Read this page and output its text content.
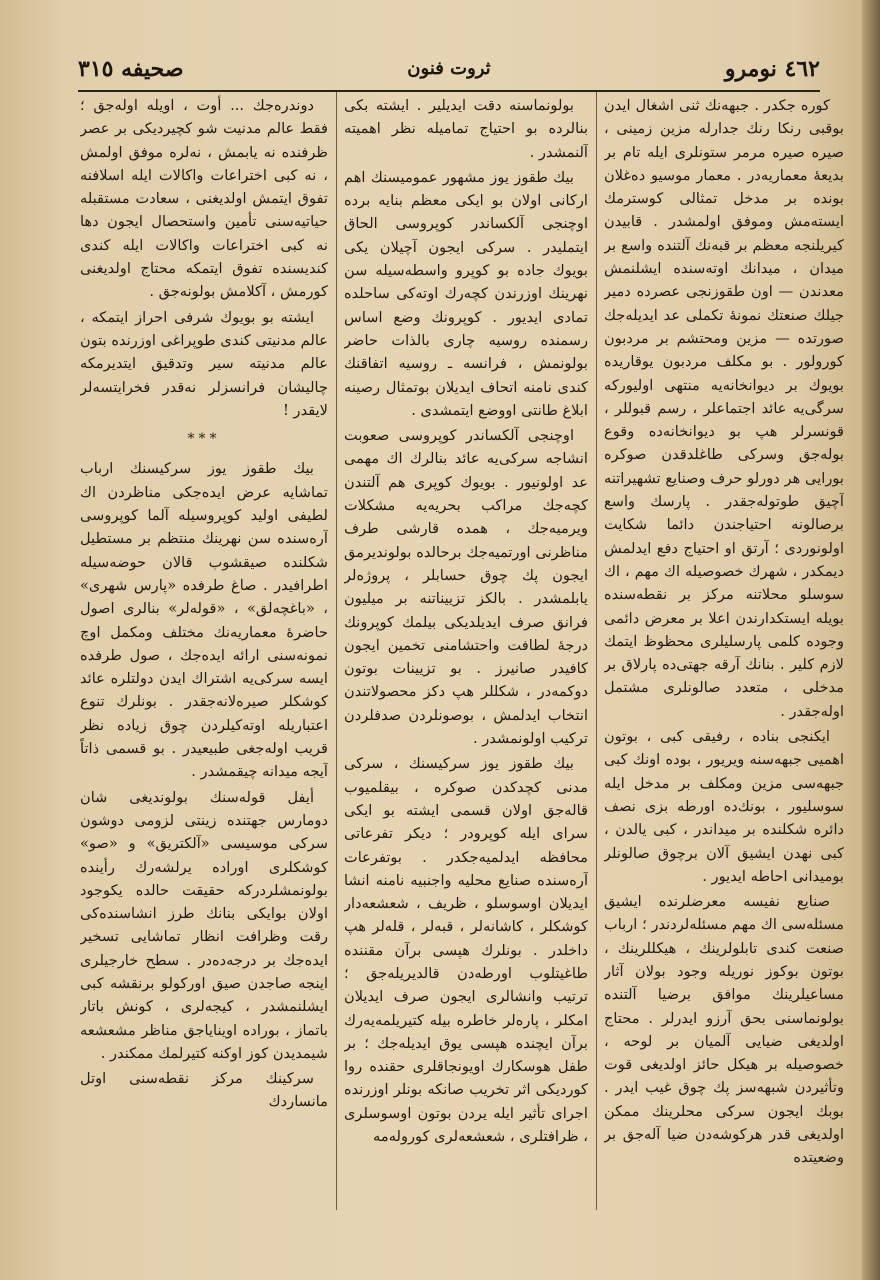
٤٦٢ نومرو
ثروت فنون
صحيفه ٣١٥

كوره جكدر . جبهه‌نك ثنى اشغال ايدن بوقبى رنكا رنك جدارله مزين زمينى ، صيره صيره مرمر ستونلرى ايله تام بر بديعهٔ معماريه‌در . معمار موسيو دەغلان بونده بر مدخل تمثالى كوسترمك ايسته‌مش وموفق اولمشدر . قابيدن كيريلنجه معظم بر قبه‌نك آلتنده واسع بر ميدان ، ميدانك اوته‌سنده ايشلنمش معدندن — اون طقوزنجى عصرده دمير جيلك صنعتك نمونهٔ تكملى عد ايديله‌جك صورتده — مزين ومحتشم بر مردبون كورولور . بو مكلف مردبون يوقاريده بويوك بر ديوانخانه‌يه منتهى اوليوركه سرگى‌يه عائد اجتماعلر ، رسم قبوللر ، قونسرلر هپ بو ديوانخانه‌ده وقوع بوله‌جق وسركى طاغلدقدن صوكره بورايى هر دورلو حرف وصنايع تشهيراتنه آچيق طوتوله‌جقدر . پارسك واسع برصالونه احتياجندن دائما شكايت اولونوردى ؛ آرتق او احتياج دفع ايدلمش ديمكدر ، شهرك خصوصيله اك مهم ، اك سوسلو محلاتنه مركز بر نقطه‌سنده بويله ايستكدارندن اعلا بر معرض دائمى وجوده كلمى پارسليلرى محظوظ ايتمك لازم كلير . بنانك آرقه جهتى‌ده پارلاق بر مدخلى ، متعدد صالونلرى مشتمل اوله‌جقدر .

ايكنجى بناده ، رفيقى كبى ، بوتون اهميى جبهه‌سنه ويريور ، بوده اونك كبى جبهه‌سى مزين ومكلف بر مدخل ايله سوسليور ، بونك‌ده اورطه بزى نصف دائره شكلنده بر ميداندر ، كبى يالدن ، كبى نهدن ايشيق آلان برچوق صالونلر بوميدانى احاطه ايديور .

صنايع نفيسه معرضلرنده ايشيق مسئله‌سى اك مهم مسئله‌لردندر ؛ ارباب صنعت كندى تابلولرينك ، هيكللرينك ، بوتون بوكوز نوريله وجود بولان آثار مساعيلرينك موافق برضيا آلتنده بولونماسنى بحق آرزو ايدرلر . محتاج اولديغى ضيايى آلميان بر لوحه ، خصوصيله بر هيكل حائز اولديغى قوت وتأثيردن شبهه‌سز پك چوق غيب ايدر . بوبك ايجون سركى محلرينك ممكن اولديغى قدر هركوشه‌دن ضيا آله‌جق بر وضعيتده

بولونماسنه دقت ايديلير . ايشته بكى بنالرده بو احتياج تماميله نظر اهميته آلنمشدر .

بيك طقوز يوز مشهور عموميسنك اهم اركانى اولان بو ايكى معظم بنايه برده اوچنجى آلكساندر كوپروسى الحاق ايتمليدر . سركى ايجون آچيلان يكى بويوك جاده بو كوپرو واسطه‌سيله سن نهرينك اوزرندن كچه‌رك اوته‌كى ساحلده تمادى ايديور . كوپرونك وضع اساس رسمنده روسيه چارى بالذات حاضر بولونمش ، فرانسه ـ روسيه اتفاقنك كندى نامنه اتحاف ايديلان بوتمثال رصينه ابلاغ طانتى اووضع ايتمشدى .

اوچنجى آلكساندر كوپروسى صعوبت انشاجه سركى‌يه عائد بنالرك اك مهمى عد اولونيور . بويوك كوپرى هم آلتندن كچه‌جك مراكب بحريه‌يه مشكلات ويرميه‌جك ، همده قارشى طرف مناظرنى اورتميه‌جك برحالده بولونديرمق ايجون پك چوق حسابلر ، پروژه‌لر يابلمشدر . بالكز تزييناتنه بر ميليون فرانق صرف ايديلديكى بيلمك كوپرونك درجهٔ لطافت واحتشامنى تخمين ايجون كافيدر صانيرز . بو تزيينات بوتون دوكمه‌در ، شكللر هپ دكز محصولاتندن انتخاب ايدلمش ، بوصونلردن صدفلردن تركيب اولونمشدر .

بيك طقوز يوز سركيسنك ، سركى مدنى كچدكدن صوكره ، بيقلميوب قاله‌جق اولان قسمى ايشته بو ايكى سراى ايله كوپرودر ؛ ديكر تفرعاتى محافظه ايدلميه‌جكدر . بوتفرعات آره‌سنده صنايع محليه واجنبيه نامنه انشا ايديلان اوسوسلو ، ظريف ، شعشعه‌دار كوشكلر ، كاشانه‌لر ، قبه‌لر ، قله‌لر هپ داخلدر . بونلرك هپسى برآن مقننده طاغيتلوب اورطه‌دن قالديريله‌جق ؛ ترتيب وانشالرى ايجون صرف ايديلان امكلر ، پاره‌لر خاطره بيله كتيريلمه‌يه‌رك برآن ايچنده هپسى يوق ايديله‌جك ؛ بر طفل هوسكارك اويونجاقلرى حقنده روا كورديكى اثر تخريب صانكه بونلر اوزرنده اجراى تأثير ايله يردن بوتون اوسوسلرى ، ظرافتلرى ، شعشعه‌لرى كوروله‌مه

دوندره‌جك ... أوت ، اويله اوله‌جق ؛ فقط عالم مدنيت شو كچيرديكى بر عصر ظرفنده نه يابمش ، نه‌لره موفق اولمش ، نه كبى اختراعات واكالات ايله اسلافنه تفوق ايتمش اولديغنى ، سعادت مستقبله حياتيه‌سنى تأمين واستحصال ايجون دها نه كبى اختراعات واكالات ايله كندى كنديسنده تفوق ايتمكه محتاج اولديغنى كورمش ، آكلامش بولونه‌جق .

ايشته بو بويوك شرفى احراز ايتمكه ، عالم مدنيتى كندى طوپراغى اوزرنده بتون عالم مدنيته سير وتدقيق ايتديرمكه چاليشان فرانسزلر نه‌قدر فخرايتسه‌لر لايقدر !

***

بيك طقوز يوز سركيسنك ارباب تماشايه عرض ايده‌جكى مناظردن اك لطيفى اوليد كوپروسيله آلما كوپروسى آره‌سنده سن نهرينك منتظم بر مستطيل شكلنده صيقشوب قالان حوضه‌سيله اطرافيدر . صاغ طرفده «پارس شهرى» ، «باغچه‌لق» ، «قوله‌لر» بنالرى اصول حاضرهٔ معماريه‌نك مختلف ومكمل اوچ نمونه‌سنى ارائه ايده‌جك ، صول طرفده ايسه سركى‌يه اشتراك ايدن دولتلره عائد كوشكلر صيره‌لانه‌جقدر . بونلرك تنوع اعتباريله اوته‌كيلردن چوق زياده نظر قريب اوله‌جغى طبيعيدر . بو قسمى ذاتاً آيجه ميدانه چيقمشدر .

أيفل قوله‌سنك بولونديغى شان دومارس جهتنده زينتى لزومى دوشون سركى موسيسى «آلكتريق» و «صو» كوشكلرى اوراده يرلشه‌رك رأينده بولونمشلردركه حقيقت حالده يكوجود اولان بوايكى بنانك طرز انشاسنده‌كى رقت وظرافت انظار تماشايى تسخير ايده‌جك بر درجه‌ده‌در . سطح خارجيلرى اينجه صاجدن صيق اوركولو برنقشه كبى ايشلنمشدر ، كيجه‌لرى ، كونش باتار باتماز ، بوراده اويناياجق مناظر مشعشعه شيمديدن كوز اوكنه كتيرلمك ممكندر .

سركينك مركز نقطه‌سنى اوتل مانساردك
